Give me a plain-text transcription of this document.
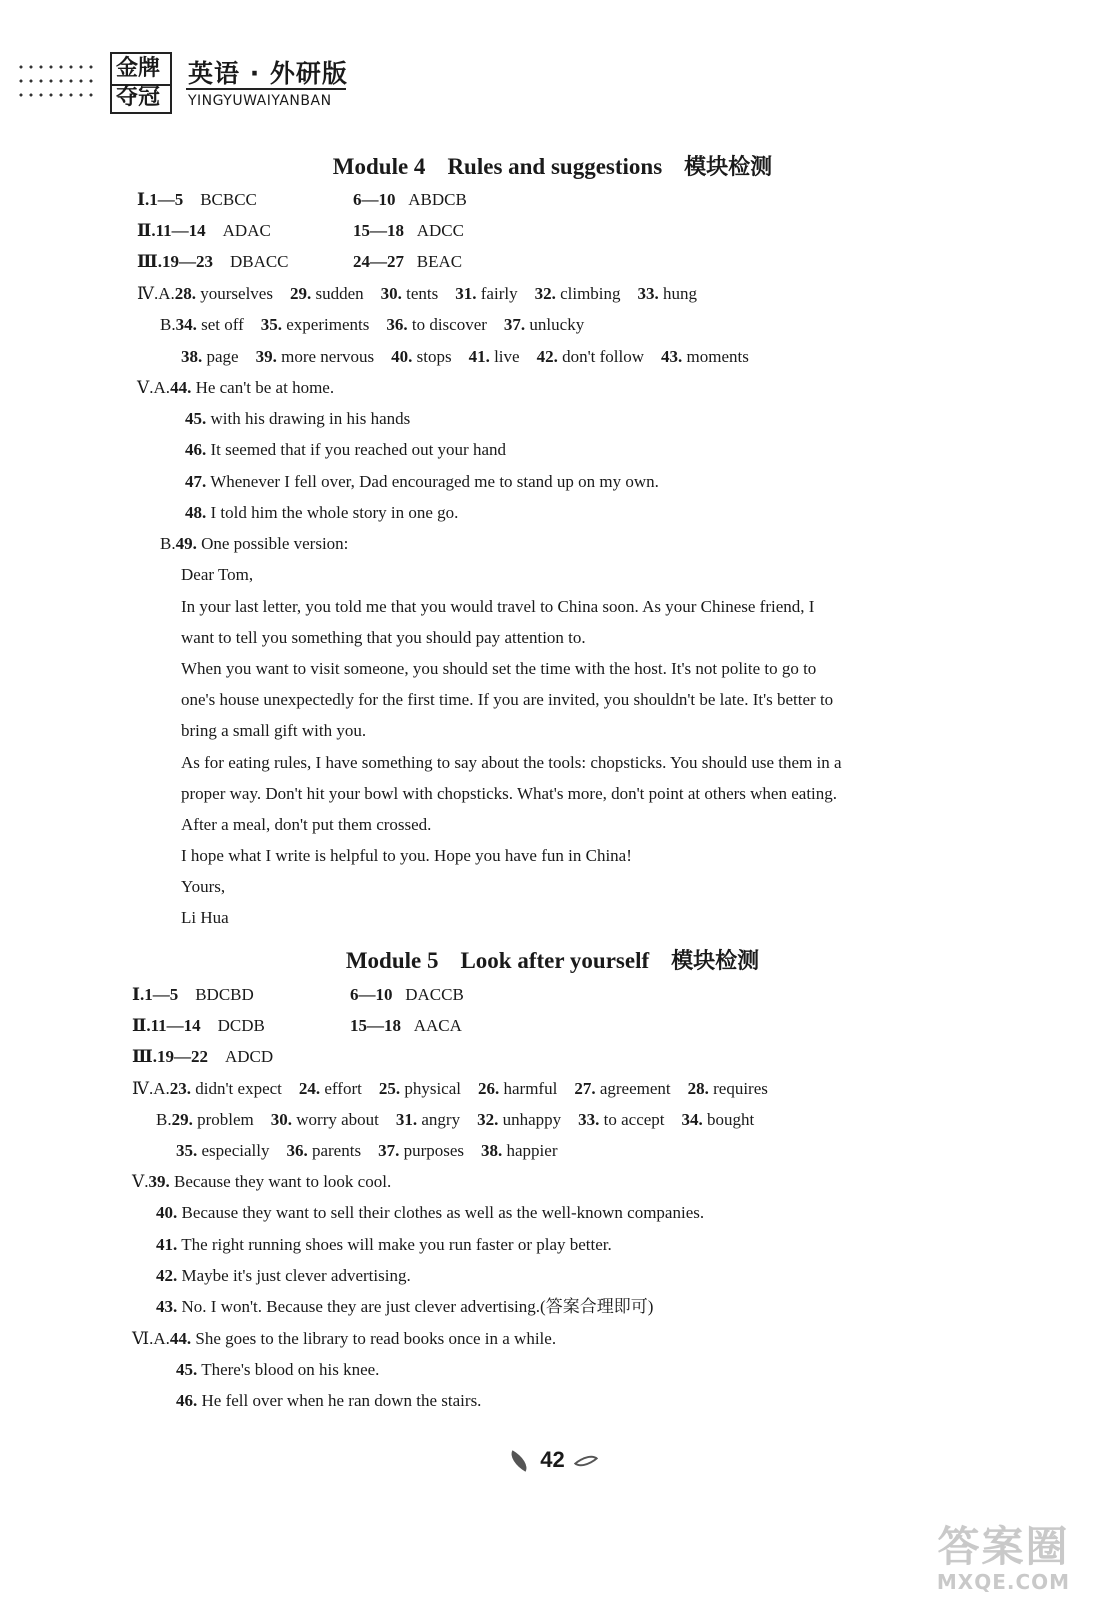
金牌
夺冠
英语 · 外研版
YINGYUWAIYANBAN
Module 4 Rules and suggestions 模块检测
Ⅰ.1—5 BCBCC	6—10 ABDCB
Ⅱ.11—14 ADAC	15—18 ADCC
Ⅲ.19—23 DBACC	24—27 BEAC
Ⅳ.A.28. yourselves 29. sudden 30. tents 31. fairly 32. climbing 33. hung
B.34. set off 35. experiments 36. to discover 37. unlucky
38. page 39. more nervous 40. stops 41. live 42. don't follow 43. moments
Ⅴ.A.44. He can't be at home.
45. with his drawing in his hands
46. It seemed that if you reached out your hand
47. Whenever I fell over, Dad encouraged me to stand up on my own.
48. I told him the whole story in one go.
B.49. One possible version:
Dear Tom,
In your last letter, you told me that you would travel to China soon. As your Chinese friend, I
want to tell you something that you should pay attention to.
When you want to visit someone, you should set the time with the host. It's not polite to go to
one's house unexpectedly for the first time. If you are invited, you shouldn't be late. It's better to
bring a small gift with you.
As for eating rules, I have something to say about the tools: chopsticks. You should use them in a
proper way. Don't hit your bowl with chopsticks. What's more, don't point at others when eating.
After a meal, don't put them crossed.
I hope what I write is helpful to you. Hope you have fun in China!
Yours,
Li Hua
Module 5 Look after yourself 模块检测
Ⅰ.1—5 BDCBD	6—10 DACCB
Ⅱ.11—14 DCDB	15—18 AACA
Ⅲ.19—22 ADCD
Ⅳ.A.23. didn't expect 24. effort 25. physical 26. harmful 27. agreement 28. requires
B.29. problem 30. worry about 31. angry 32. unhappy 33. to accept 34. bought
35. especially 36. parents 37. purposes 38. happier
Ⅴ.39. Because they want to look cool.
40. Because they want to sell their clothes as well as the well-known companies.
41. The right running shoes will make you run faster or play better.
42. Maybe it's just clever advertising.
43. No. I won't. Because they are just clever advertising.(答案合理即可)
Ⅵ.A.44. She goes to the library to read books once in a while.
45. There's blood on his knee.
46. He fell over when he ran down the stairs.
42
答案圈
MXQE.COM
